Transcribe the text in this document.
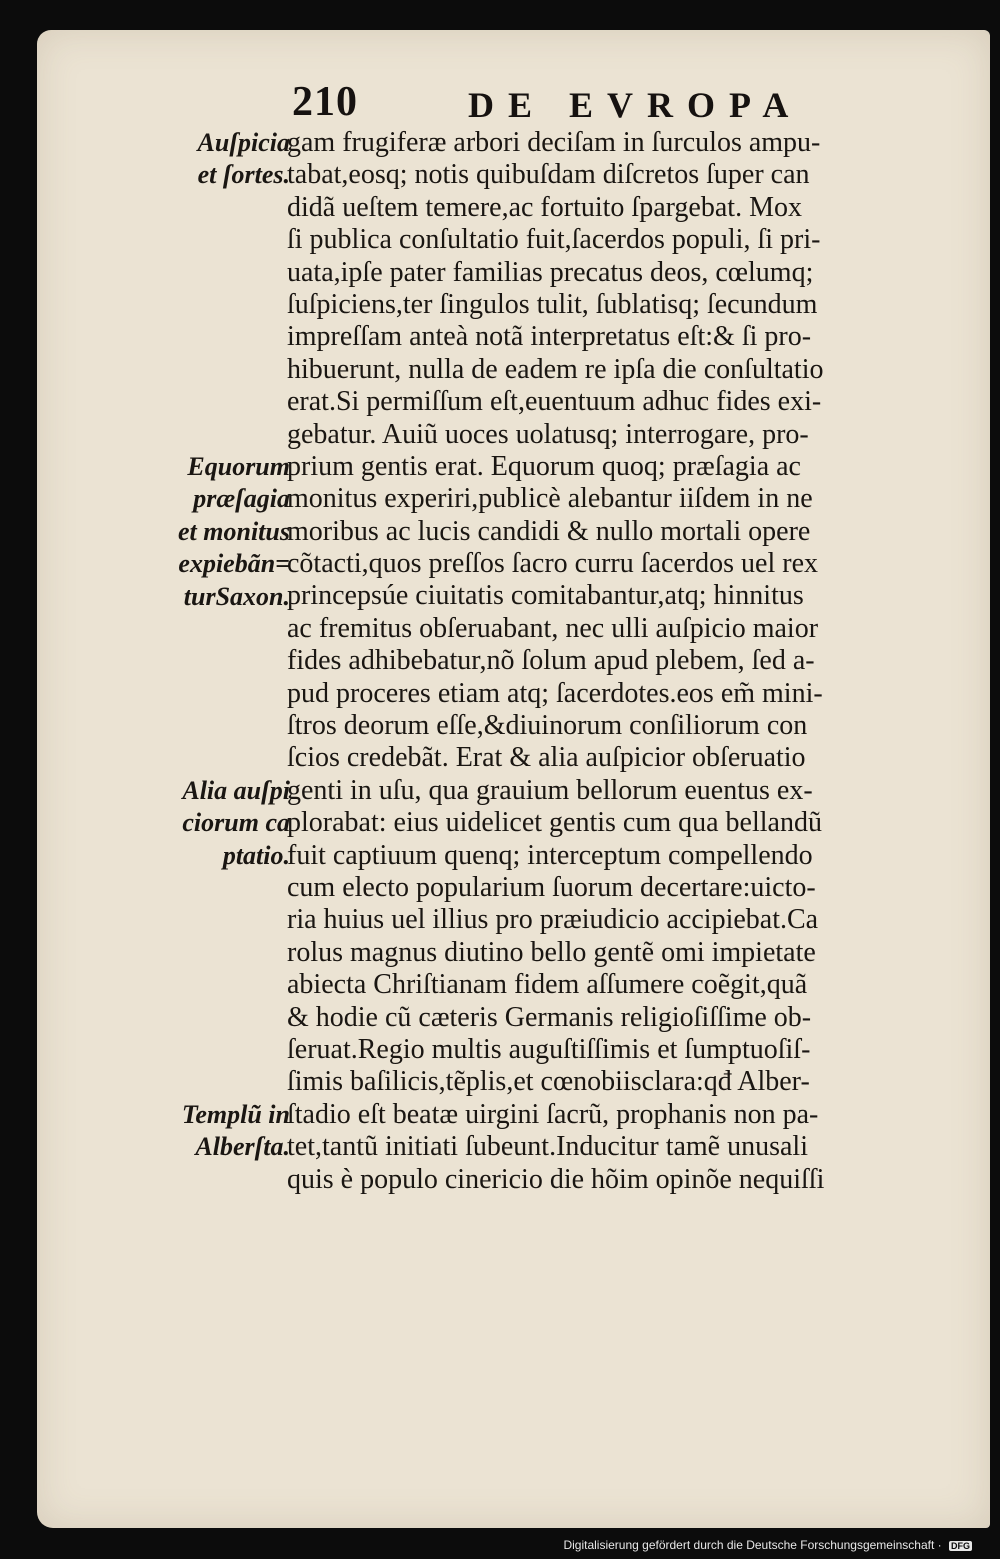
210	DE EVROPA
Auſpicia
et ſortes.
Equorum
præſagia
et monitus
expiebãn=
turSaxon.
Alia auſpi
ciorum ca
ptatio.
Templũ in
Alberſta.
gam frugiferæ arbori deciſam in ſurculos ampu-
tabat,eosq; notis quibuſdam diſcretos ſuper can
didã ueſtem temere,ac fortuito ſpargebat. Mox
ſi publica conſultatio fuit,ſacerdos populi, ſi pri-
uata,ipſe pater familias precatus deos, cœlumq;
ſuſpiciens,ter ſingulos tulit, ſublatisq; ſecundum
impreſſam anteà notã interpretatus eſt:& ſi pro-
hibuerunt, nulla de eadem re ipſa die conſultatio
erat.Si permiſſum eſt,euentuum adhuc fides exi-
gebatur. Auiũ uoces uolatusq; interrogare, pro-
prium gentis erat. Equorum quoq; præſagia ac
monitus experiri,publicè alebantur iiſdem in ne
moribus ac lucis candidi & nullo mortali opere
cõtacti,quos preſſos ſacro curru ſacerdos uel rex
princepsúe ciuitatis comitabantur,atq; hinnitus
ac fremitus obſeruabant, nec ulli auſpicio maior
fides adhibebatur,nõ ſolum apud plebem, ſed a-
pud proceres etiam atq; ſacerdotes.eos em̃ mini-
ſtros deorum eſſe,&diuinorum conſiliorum con
ſcios credebãt. Erat & alia auſpicior obſeruatio
genti in uſu, qua grauium bellorum euentus ex-
plorabat: eius uidelicet gentis cum qua bellandũ
fuit captiuum quenq; interceptum compellendo
cum electo popularium ſuorum decertare:uicto-
ria huius uel illius pro præiudicio accipiebat.Ca
rolus magnus diutino bello gentẽ omi impietate
abiecta Chriſtianam fidem aſſumere coẽgit,quã
& hodie cũ cæteris Germanis religioſiſſime ob-
ſeruat.Regio multis auguſtiſſimis et ſumptuoſiſ-
ſimis baſilicis,tẽplis,et cœnobiisclara:qđ Alber-
ſtadio eſt beatæ uirgini ſacrũ, prophanis non pa-
tet,tantũ initiati ſubeunt.Inducitur tamẽ unusali
quis è populo cinericio die hõim opinõe nequiſſi
Digitalisierung gefördert durch die Deutsche Forschungsgemeinschaft · DFG
